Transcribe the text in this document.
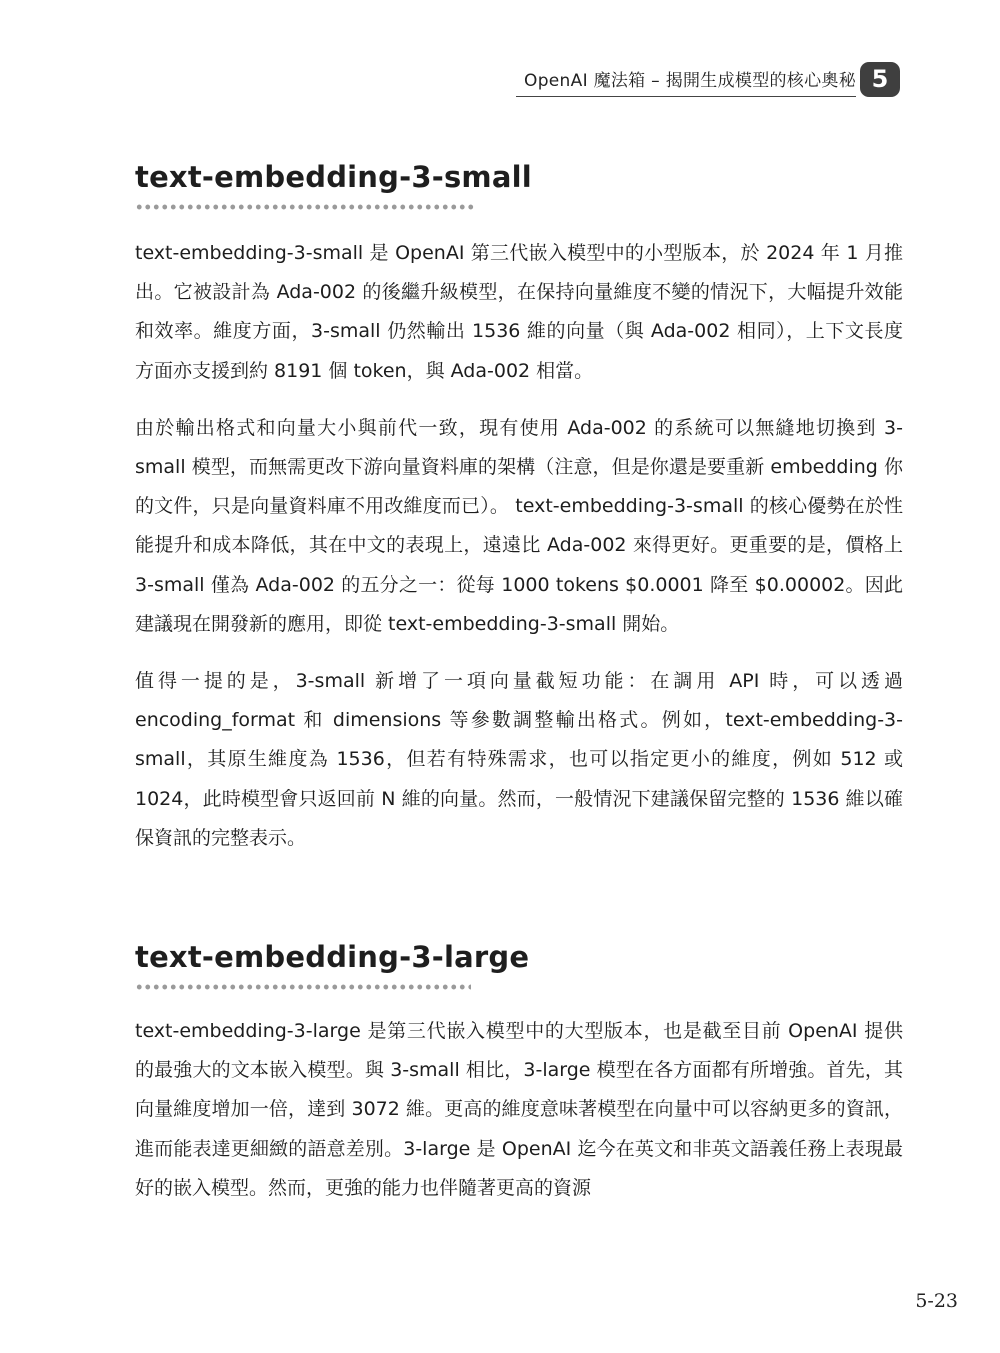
OpenAI 魔法箱 – 揭開生成模型的核心奧秘 5
text-embedding-3-small

text-embedding-3-small 是 OpenAI 第三代嵌入模型中的小型版本，於 2024 年 1 月推出。它被設計為 Ada-002 的後繼升級模型，在保持向量維度不變的情況下，大幅提升效能和效率。維度方面，3-small 仍然輸出 1536 維的向量（與 Ada-002 相同），上下文長度方面亦支援到約 8191 個 token，與 Ada-002 相當。

由於輸出格式和向量大小與前代一致，現有使用 Ada-002 的系統可以無縫地切換到 3-small 模型，而無需更改下游向量資料庫的架構（注意，但是你還是要重新 embedding 你的文件，只是向量資料庫不用改維度而已）。 text-embedding-3-small 的核心優勢在於性能提升和成本降低，其在中文的表現上，遠遠比 Ada-002 來得更好。更重要的是，價格上 3-small 僅為 Ada-002 的五分之一：從每 1000 tokens $0.0001 降至 $0.00002。因此建議現在開發新的應用，即從 text-embedding-3-small 開始。

值得一提的是，3-small 新增了一項向量截短功能：在調用 API 時，可以透過 encoding_format 和 dimensions 等參數調整輸出格式。例如，text-embedding-3-small，其原生維度為 1536，但若有特殊需求，也可以指定更小的維度，例如 512 或 1024，此時模型會只返回前 N 維的向量。然而，一般情況下建議保留完整的 1536 維以確保資訊的完整表示。

text-embedding-3-large

text-embedding-3-large 是第三代嵌入模型中的大型版本，也是截至目前 OpenAI 提供的最強大的文本嵌入模型。與 3-small 相比，3-large 模型在各方面都有所增強。首先，其向量維度增加一倍，達到 3072 維。更高的維度意味著模型在向量中可以容納更多的資訊，進而能表達更細緻的語意差別。3-large 是 OpenAI 迄今在英文和非英文語義任務上表現最好的嵌入模型。然而，更強的能力也伴隨著更高的資源

5-23
